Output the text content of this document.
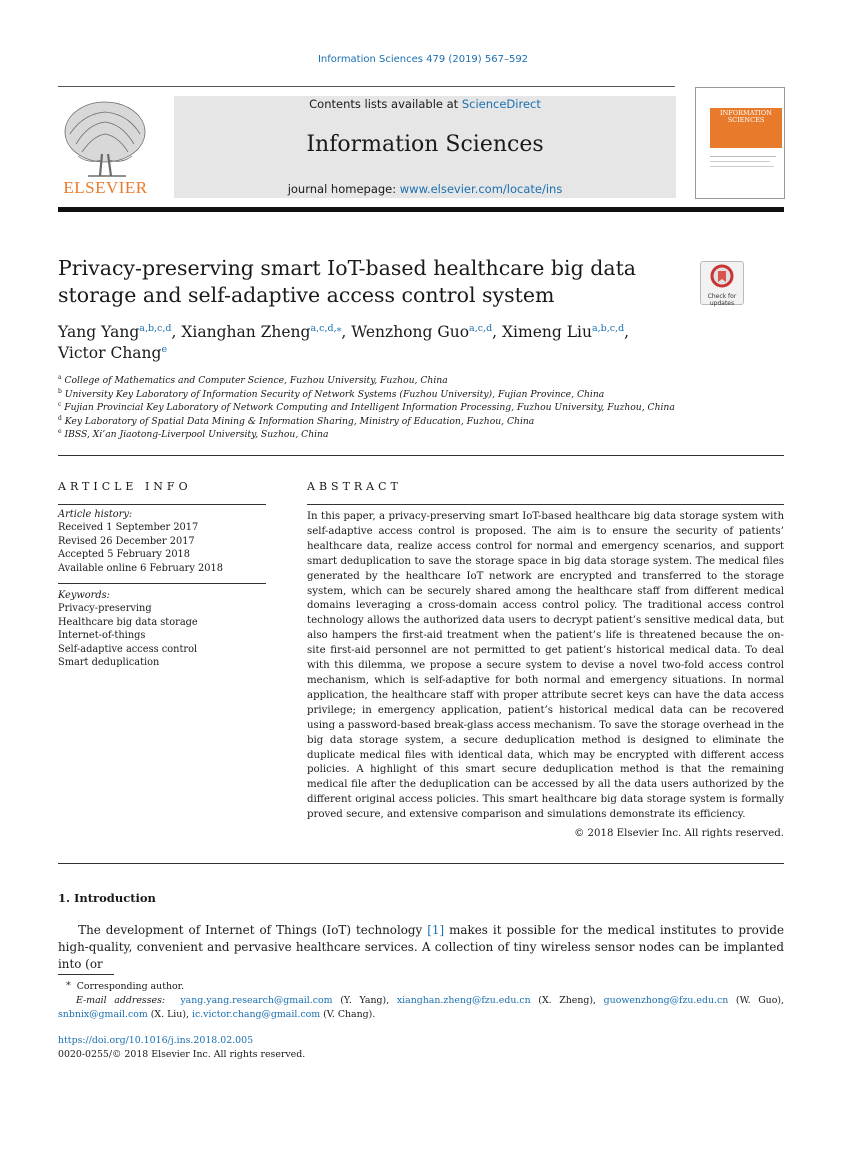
Information Sciences 479 (2019) 567–592
ELSEVIER
Contents lists available at ScienceDirect
Information Sciences
journal homepage: www.elsevier.com/locate/ins
INFORMATION SCIENCES
Privacy-preserving smart IoT-based healthcare big data
storage and self-adaptive access control system	Check for updates
Yang Yang$^{a,b,c,d}$, Xianghan Zheng$^{a,c,d,⁎}$, Wenzhong Guo$^{a,c,d}$, Ximeng Liu$^{a,b,c,d}$,
Victor Chang$^e$
$^a$ College of Mathematics and Computer Science, Fuzhou University, Fuzhou, China
$^b$ University Key Laboratory of Information Security of Network Systems (Fuzhou University), Fujian Province, China
$^c$ Fujian Provincial Key Laboratory of Network Computing and Intelligent Information Processing, Fuzhou University, Fuzhou, China
$^d$ Key Laboratory of Spatial Data Mining & Information Sharing, Ministry of Education, Fuzhou, China
$^e$ IBSS, Xi’an Jiaotong-Liverpool University, Suzhou, China
ARTICLE INFO	ABSTRACT
Article history:
Received 1 September 2017
Revised 26 December 2017
Accepted 5 February 2018
Available online 6 February 2018
Keywords:
Privacy-preserving
Healthcare big data storage
Internet-of-things
Self-adaptive access control
Smart deduplication
In this paper, a privacy-preserving smart IoT-based healthcare big data storage system with self-adaptive access control is proposed. The aim is to ensure the security of patients’ healthcare data, realize access control for normal and emergency scenarios, and support smart deduplication to save the storage space in big data storage system. The medical files generated by the healthcare IoT network are encrypted and transferred to the storage system, which can be securely shared among the healthcare staff from different medical domains leveraging a cross-domain access control policy. The traditional access control technology allows the authorized data users to decrypt patient’s sensitive medical data, but also hampers the first-aid treatment when the patient’s life is threatened because the on-site first-aid personnel are not permitted to get patient’s historical medical data. To deal with this dilemma, we propose a secure system to devise a novel two-fold access control mechanism, which is self-adaptive for both normal and emergency situations. In normal application, the healthcare staff with proper attribute secret keys can have the data access privilege; in emergency application, patient’s historical medical data can be recovered using a password-based break-glass access mechanism. To save the storage overhead in the big data storage system, a secure deduplication method is designed to eliminate the duplicate medical files with identical data, which may be encrypted with different access policies. A highlight of this smart secure deduplication method is that the remaining medical file after the deduplication can be accessed by all the data users authorized by the different original access policies. This smart healthcare big data storage system is formally proved secure, and extensive comparison and simulations demonstrate its efficiency.
© 2018 Elsevier Inc. All rights reserved.
1. Introduction
The development of Internet of Things (IoT) technology [1] makes it possible for the medical institutes to provide high-quality, convenient and pervasive healthcare services. A collection of tiny wireless sensor nodes can be implanted into (or
⁎ Corresponding author.
E-mail addresses: yang.yang.research@gmail.com (Y. Yang), xianghan.zheng@fzu.edu.cn (X. Zheng), guowenzhong@fzu.edu.cn (W. Guo), snbnix@gmail.com (X. Liu), ic.victor.chang@gmail.com (V. Chang).
https://doi.org/10.1016/j.ins.2018.02.005
0020-0255/© 2018 Elsevier Inc. All rights reserved.
